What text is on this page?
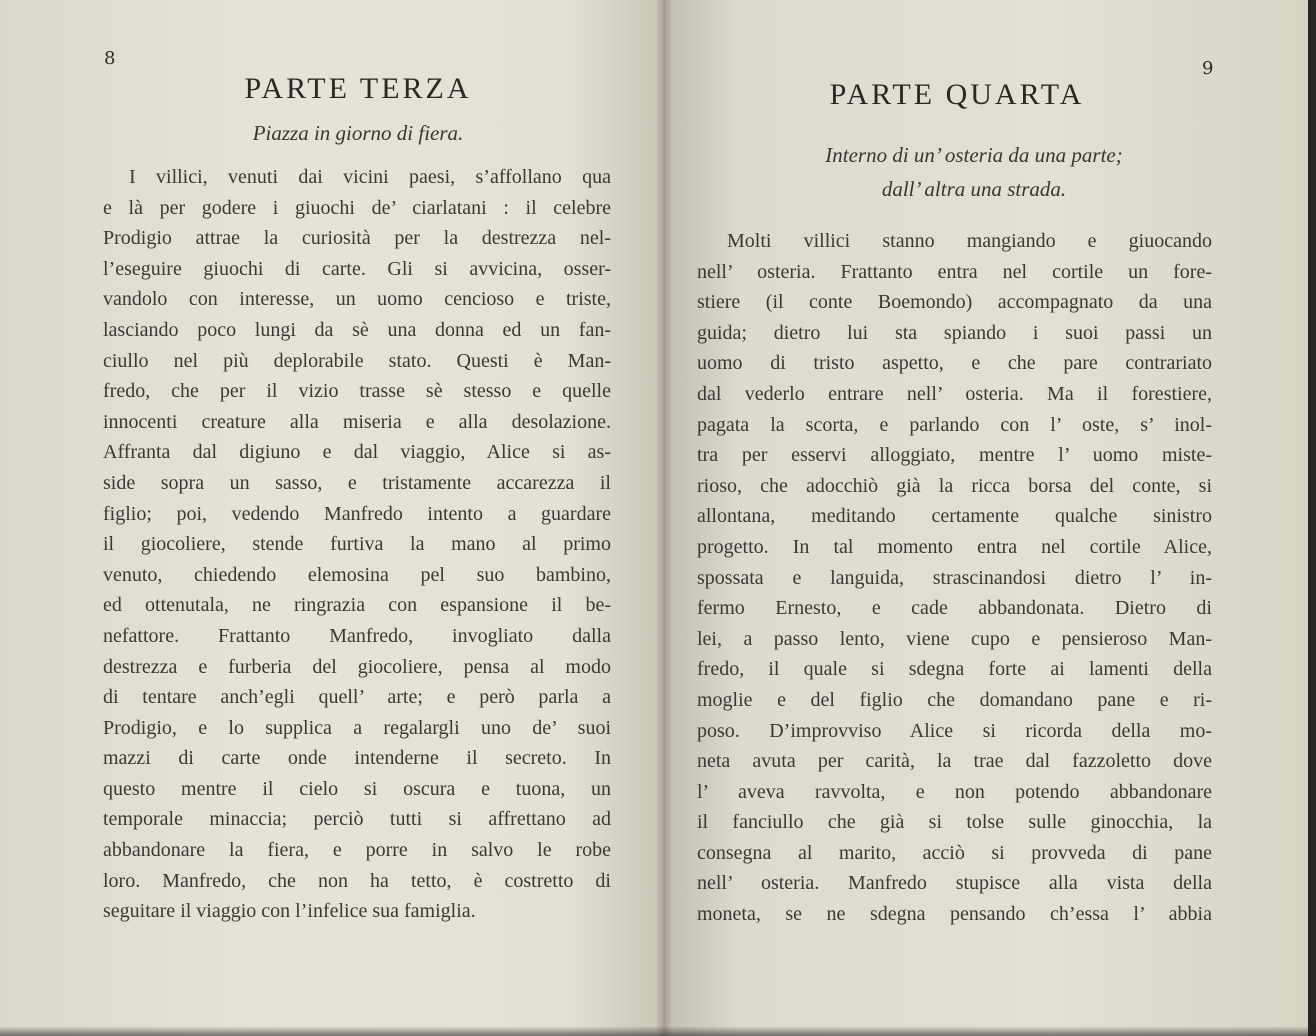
8
PARTE TERZA
Piazza in giorno di fiera.
I villici, venuti dai vicini paesi, s’affollano qua
e là per godere i giuochi de’ ciarlatani : il celebre
Prodigio attrae la curiosità per la destrezza nel-
l’eseguire giuochi di carte. Gli si avvicina, osser-
vandolo con interesse, un uomo cencioso e triste,
lasciando poco lungi da sè una donna ed un fan-
ciullo nel più deplorabile stato. Questi è Man-
fredo, che per il vizio trasse sè stesso e quelle
innocenti creature alla miseria e alla desolazione.
Affranta dal digiuno e dal viaggio, Alice si as-
side sopra un sasso, e tristamente accarezza il
figlio; poi, vedendo Manfredo intento a guardare
il giocoliere, stende furtiva la mano al primo
venuto, chiedendo elemosina pel suo bambino,
ed ottenutala, ne ringrazia con espansione il be-
nefattore. Frattanto Manfredo, invogliato dalla
destrezza e furberia del giocoliere, pensa al modo
di tentare anch’egli quell’ arte; e però parla a
Prodigio, e lo supplica a regalargli uno de’ suoi
mazzi di carte onde intenderne il secreto. In
questo mentre il cielo si oscura e tuona, un
temporale minaccia; perciò tutti si affrettano ad
abbandonare la fiera, e porre in salvo le robe
loro. Manfredo, che non ha tetto, è costretto di
seguitare il viaggio con l’infelice sua famiglia.
9
PARTE QUARTA
Interno di un’ osteria da una parte;
dall’ altra una strada.
Molti villici stanno mangiando e giuocando
nell’ osteria. Frattanto entra nel cortile un fore-
stiere (il conte Boemondo) accompagnato da una
guida; dietro lui sta spiando i suoi passi un
uomo di tristo aspetto, e che pare contrariato
dal vederlo entrare nell’ osteria. Ma il forestiere,
pagata la scorta, e parlando con l’ oste, s’ inol-
tra per esservi alloggiato, mentre l’ uomo miste-
rioso, che adocchiò già la ricca borsa del conte, si
allontana, meditando certamente qualche sinistro
progetto. In tal momento entra nel cortile Alice,
spossata e languida, strascinandosi dietro l’ in-
fermo Ernesto, e cade abbandonata. Dietro di
lei, a passo lento, viene cupo e pensieroso Man-
fredo, il quale si sdegna forte ai lamenti della
moglie e del figlio che domandano pane e ri-
poso. D’improvviso Alice si ricorda della mo-
neta avuta per carità, la trae dal fazzoletto dove
l’ aveva ravvolta, e non potendo abbandonare
il fanciullo che già si tolse sulle ginocchia, la
consegna al marito, acciò si provveda di pane
nell’ osteria. Manfredo stupisce alla vista della
moneta, se ne sdegna pensando ch’essa l’ abbia
